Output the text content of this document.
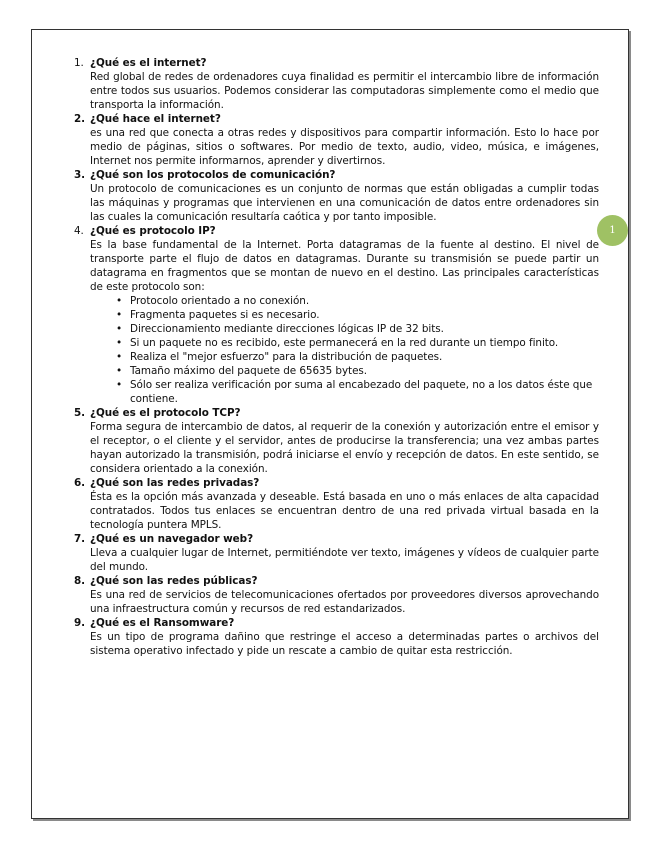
1. ¿Qué es el internet?
Red global de redes de ordenadores cuya finalidad es permitir el intercambio libre de información entre todos sus usuarios. Podemos considerar las computadoras simplemente como el medio que transporta la información.
2. ¿Qué hace el internet?
es una red que conecta a otras redes y dispositivos para compartir información. Esto lo hace por medio de páginas, sitios o softwares. Por medio de texto, audio, video, música, e imágenes, Internet nos permite informarnos, aprender y divertirnos.
3. ¿Qué son los protocolos de comunicación?
Un protocolo de comunicaciones es un conjunto de normas que están obligadas a cumplir todas las máquinas y programas que intervienen en una comunicación de datos entre ordenadores sin las cuales la comunicación resultaría caótica y por tanto imposible.
4. ¿Qué es protocolo IP?
Es la base fundamental de la Internet. Porta datagramas de la fuente al destino. El nivel de transporte parte el flujo de datos en datagramas. Durante su transmisión se puede partir un datagrama en fragmentos que se montan de nuevo en el destino. Las principales características de este protocolo son:
• Protocolo orientado a no conexión.
• Fragmenta paquetes si es necesario.
• Direccionamiento mediante direcciones lógicas IP de 32 bits.
• Si un paquete no es recibido, este permanecerá en la red durante un tiempo finito.
• Realiza el "mejor esfuerzo" para la distribución de paquetes.
• Tamaño máximo del paquete de 65635 bytes.
• Sólo ser realiza verificación por suma al encabezado del paquete, no a los datos éste que contiene.
5. ¿Qué es el protocolo TCP?
Forma segura de intercambio de datos, al requerir de la conexión y autorización entre el emisor y el receptor, o el cliente y el servidor, antes de producirse la transferencia; una vez ambas partes hayan autorizado la transmisión, podrá iniciarse el envío y recepción de datos. En este sentido, se considera orientado a la conexión.
6. ¿Qué son las redes privadas?
Ésta es la opción más avanzada y deseable. Está basada en uno o más enlaces de alta capacidad contratados. Todos tus enlaces se encuentran dentro de una red privada virtual basada en la tecnología puntera MPLS.
7. ¿Qué es un navegador web?
Lleva a cualquier lugar de Internet, permitiéndote ver texto, imágenes y vídeos de cualquier parte del mundo.
8. ¿Qué son las redes públicas?
Es una red de servicios de telecomunicaciones ofertados por proveedores diversos aprovechando una infraestructura común y recursos de red estandarizados.
9. ¿Qué es el Ransomware?
Es un tipo de programa dañino que restringe el acceso a determinadas partes o archivos del sistema operativo infectado y pide un rescate a cambio de quitar esta restricción.
1
